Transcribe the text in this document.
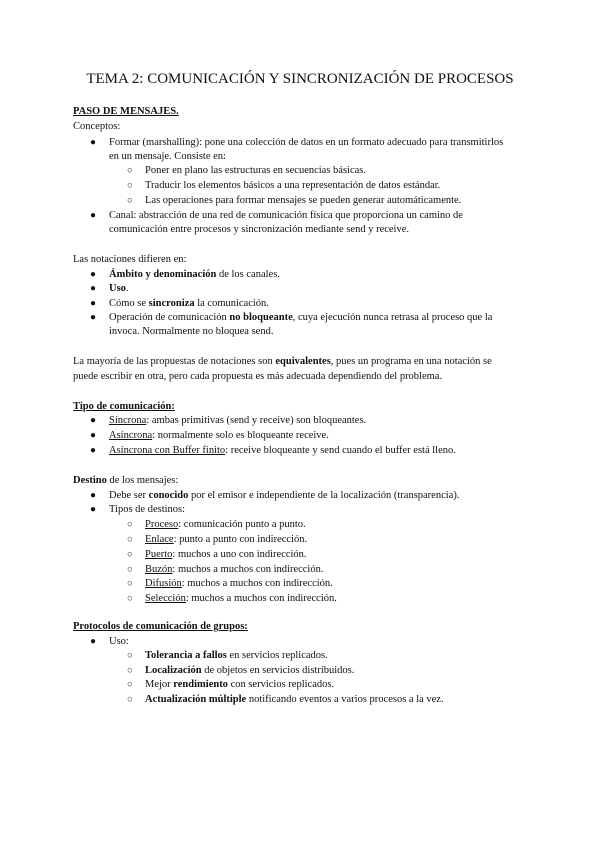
TEMA 2: COMUNICACIÓN Y SINCRONIZACIÓN DE PROCESOS
PASO DE MENSAJES.
Conceptos:
● Formar (marshalling): pone una colección de datos en un formato adecuado para transmitirlos
en un mensaje. Consiste en:
○ Poner en plano las estructuras en secuencias básicas.
○ Traducir los elementos básicos a una representación de datos estándar.
○ Las operaciones para formar mensajes se pueden generar automáticamente.
● Canal: abstracción de una red de comunicación física que proporciona un camino de
comunicación entre procesos y sincronización mediante send y receive.
Las notaciones difieren en:
● Ámbito y denominación de los canales.
● Uso.
● Cómo se sincroniza la comunicación.
● Operación de comunicación no bloqueante, cuya ejecución nunca retrasa al proceso que la
invoca. Normalmente no bloquea send.
La mayoría de las propuestas de notaciones son equivalentes, pues un programa en una notación se
puede escribir en otra, pero cada propuesta es más adecuada dependiendo del problema.
Tipo de comunicación:
● Síncrona: ambas primitivas (send y receive) son bloqueantes.
● Asíncrona: normalmente solo es bloqueante receive.
● Asíncrona con Buffer finito: receive bloqueante y send cuando el buffer está lleno.
Destino de los mensajes:
● Debe ser conocido por el emisor e independiente de la localización (transparencia).
● Tipos de destinos:
○ Proceso: comunicación punto a punto.
○ Enlace: punto a punto con indirección.
○ Puerto: muchos a uno con indirección.
○ Buzón: muchos a muchos con indirección.
○ Difusión: muchos a muchos con indirección.
○ Selección: muchos a muchos con indirección.
Protocolos de comunicación de grupos:
● Uso:
○ Tolerancia a fallos en servicios replicados.
○ Localización de objetos en servicios distribuidos.
○ Mejor rendimiento con servicios replicados.
○ Actualización múltiple notificando eventos a varios procesos a la vez.
